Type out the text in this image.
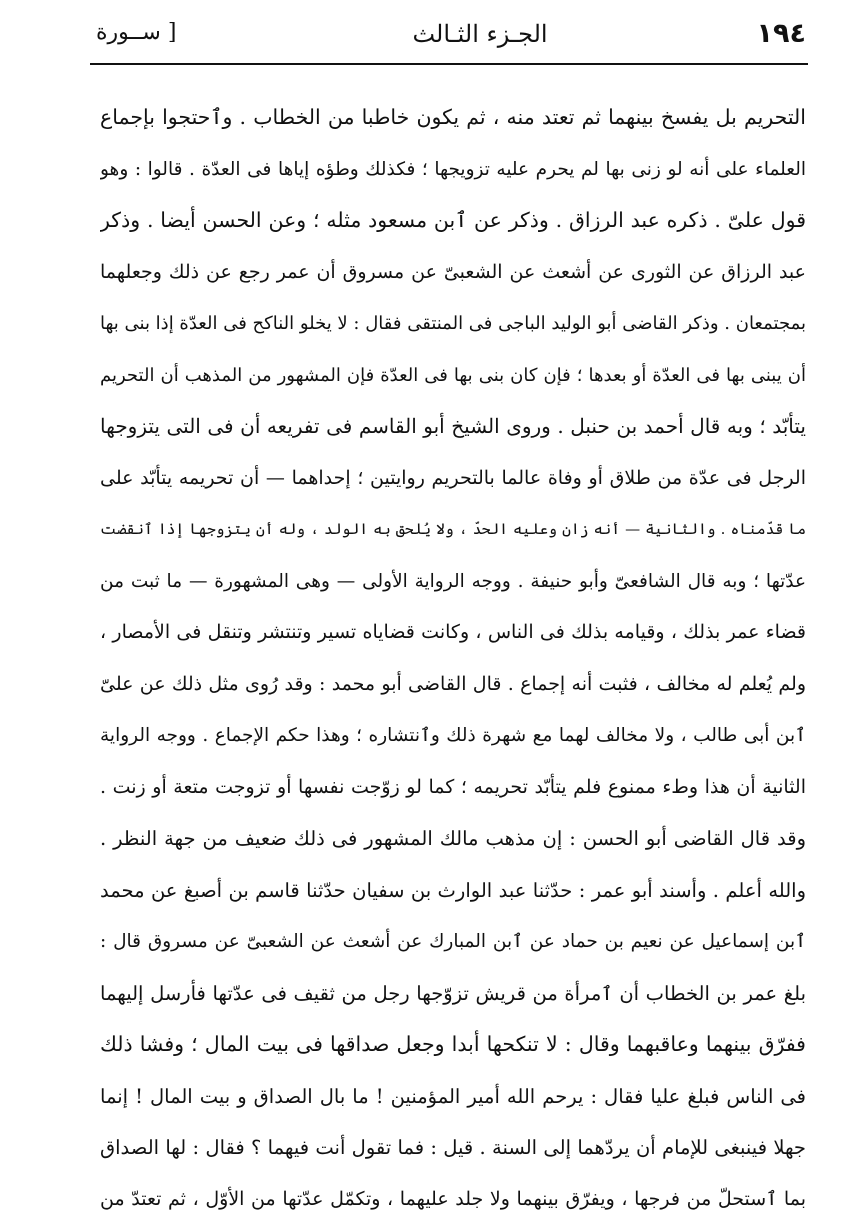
١٩٤
الجـزء الثـالث
[ ســورة
التحريم بل يفسخ بينهما ثم تعتد منه ، ثم يكون خاطبا من الخطاب . وٱحتجوا بإجماع
العلماء على أنه لو زنى بها لم يحرم عليه تزويجها ؛ فكذلك وطؤه إياها فى العدّة . قالوا : وهو
قول علىّ . ذكره عبد الرزاق . وذكر عن ٱبن مسعود مثله ؛ وعن الحسن أيضا . وذكر
عبد الرزاق عن الثورى عن أشعث عن الشعبىّ عن مسروق أن عمر رجع عن ذلك وجعلهما
بمجتمعان . وذكر القاضى أبو الوليد الباجى فى المنتقى فقال : لا يخلو الناكح فى العدّة إذا بنى بها
أن يبنى بها فى العدّة أو بعدها ؛ فإن كان بنى بها فى العدّة فإن المشهور من المذهب أن التحريم
يتأبّد ؛ وبه قال أحمد بن حنبل . وروى الشيخ أبو القاسم فى تفريعه أن فى التى يتزوجها
الرجل فى عدّة من طلاق أو وفاة عالما بالتحريم روايتين ؛ إحداهما — أن تحريمه يتأبّد على
ما قدّمناه . والثانية — أنه زان وعليه الحدّ ، ولا يُلحق به الولد ، وله أن يتزوجها إذا ٱنقضت
عدّتها ؛ وبه قال الشافعىّ وأبو حنيفة . ووجه الرواية الأولى — وهى المشهورة — ما ثبت من
قضاء عمر بذلك ، وقيامه بذلك فى الناس ، وكانت قضاياه تسير وتنتشر وتنقل فى الأمصار ،
ولم يُعلم له مخالف ، فثبت أنه إجماع . قال القاضى أبو محمد : وقد رُوى مثل ذلك عن علىّ
ٱبن أبى طالب ، ولا مخالف لهما مع شهرة ذلك وٱنتشاره ؛ وهذا حكم الإجماع . ووجه الرواية
الثانية أن هذا وطء ممنوع فلم يتأبّد تحريمه ؛ كما لو زوّجت نفسها أو تزوجت متعة أو زنت .
وقد قال القاضى أبو الحسن : إن مذهب مالك المشهور فى ذلك ضعيف من جهة النظر .
والله أعلم . وأسند أبو عمر : حدّثنا عبد الوارث بن سفيان حدّثنا قاسم بن أصبغ عن محمد
ٱبن إسماعيل عن نعيم بن حماد عن ٱبن المبارك عن أشعث عن الشعبىّ عن مسروق قال :
بلغ عمر بن الخطاب أن ٱمرأة من قريش تزوّجها رجل من ثقيف فى عدّتها فأرسل إليهما
ففرّق بينهما وعاقبهما وقال : لا تنكحها أبدا وجعل صداقها فى بيت المال ؛ وفشا ذلك
فى الناس فبلغ عليا فقال : يرحم الله أمير المؤمنين ! ما بال الصداق و بيت المال ! إنما
جهلا فينبغى للإمام أن يردّهما إلى السنة . قيل : فما تقول أنت فيهما ؟ فقال : لها الصداق
بما ٱستحلّ من فرجها ، ويفرّق بينهما ولا جلد عليهما ، وتكمّل عدّتها من الأوّل ، ثم تعتدّ من
